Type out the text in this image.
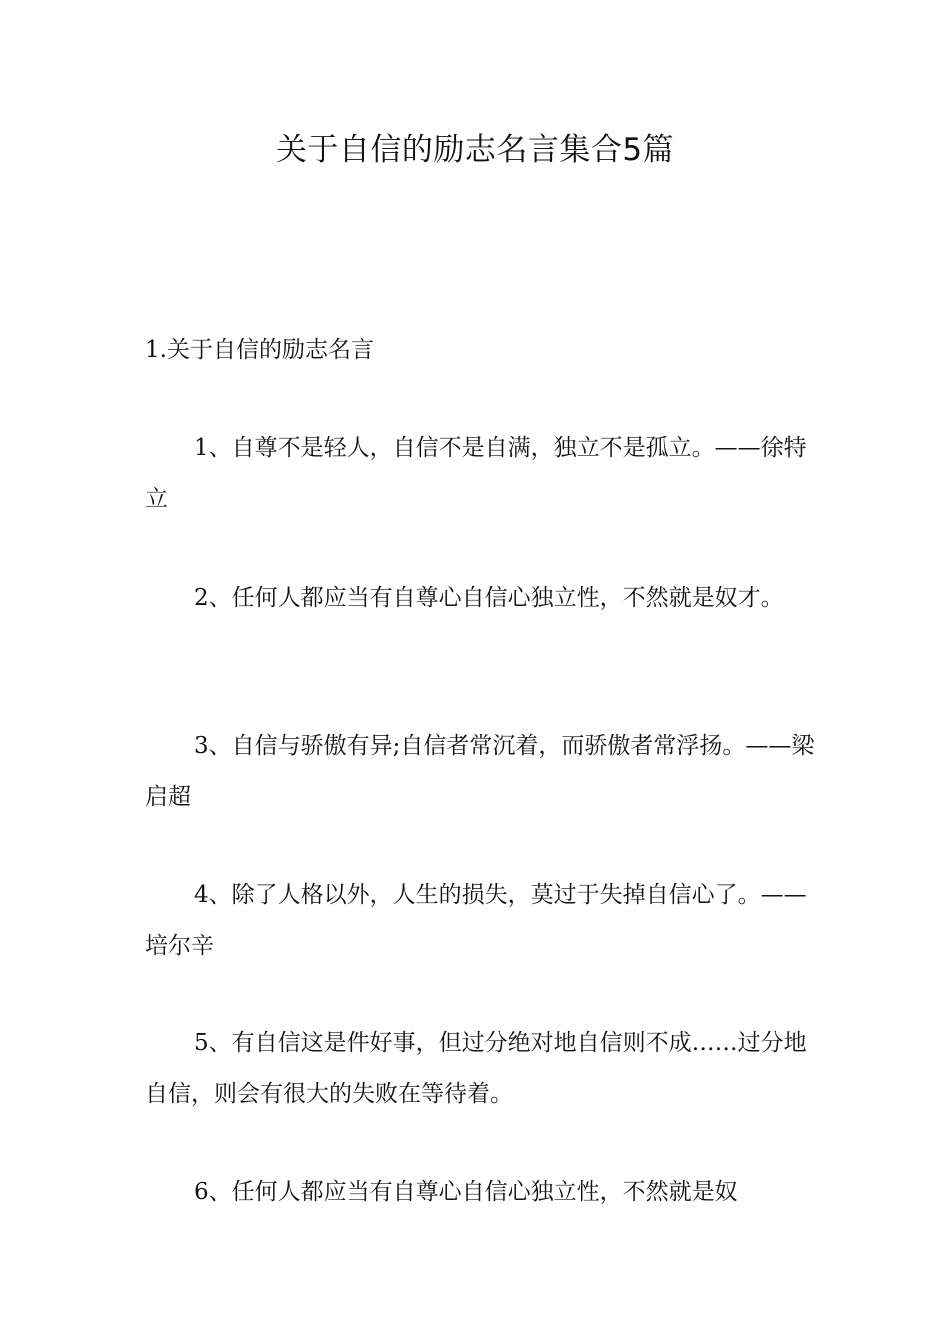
关于自信的励志名言集合5篇
1.关于自信的励志名言

1、自尊不是轻人，自信不是自满，独立不是孤立。——徐特立

2、任何人都应当有自尊心自信心独立性，不然就是奴才。

3、自信与骄傲有异;自信者常沉着，而骄傲者常浮扬。——梁启超

4、除了人格以外，人生的损失，莫过于失掉自信心了。——培尔辛

5、有自信这是件好事，但过分绝对地自信则不成……过分地自信，则会有很大的失败在等待着。

6、任何人都应当有自尊心自信心独立性，不然就是奴
